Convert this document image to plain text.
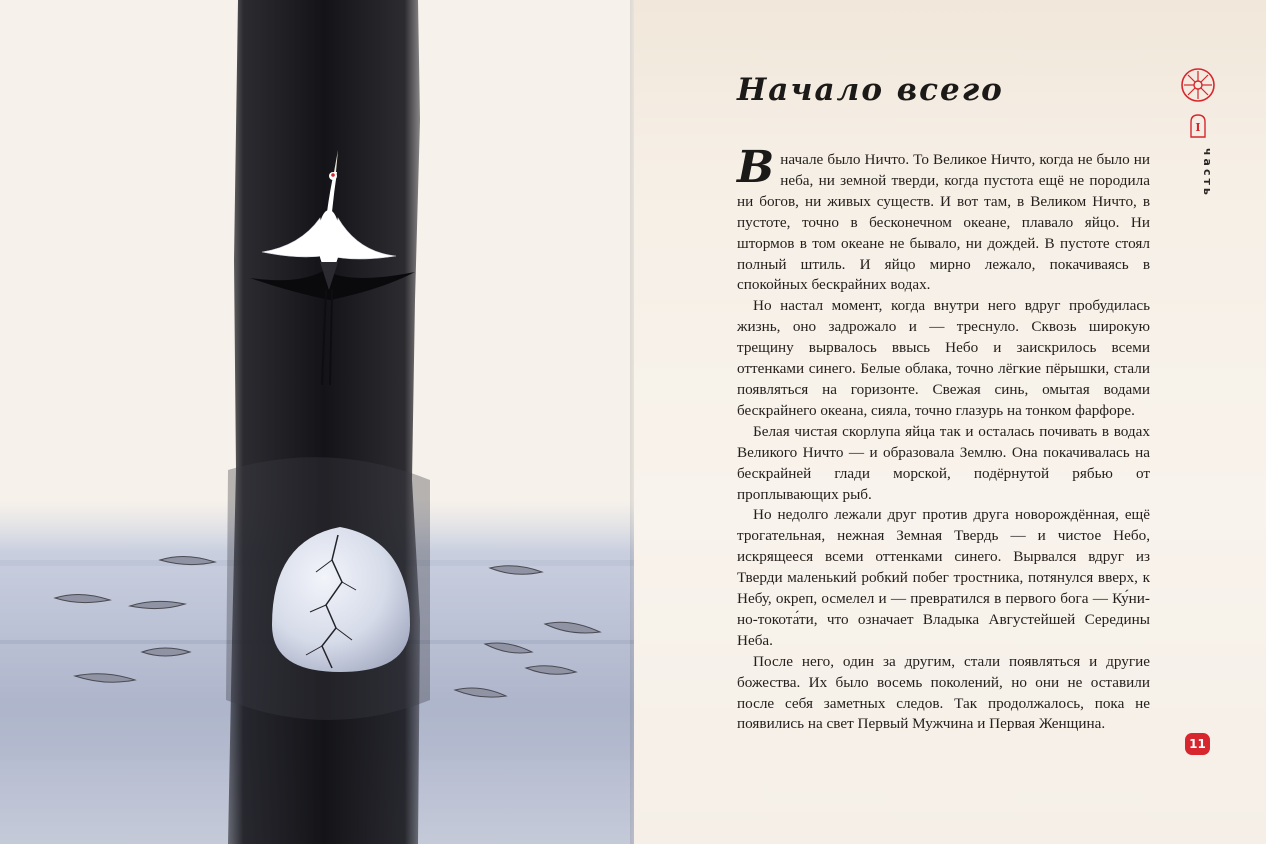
Начало всего

Вначале было Ничто. То Великое Ничто, когда не было ни неба, ни земной тверди, когда пустота ещё не породила ни богов, ни живых существ. И вот там, в Великом Ничто, в пустоте, точно в бесконечном океане, плавало яйцо. Ни штормов в том океане не бывало, ни дождей. В пустоте стоял полный штиль. И яйцо мирно лежало, покачиваясь в спокойных бескрайних водах.

Но настал момент, когда внутри него вдруг пробудилась жизнь, оно задрожало и — треснуло. Сквозь широкую трещину вырвалось ввысь Небо и заискрилось всеми оттенками синего. Белые облака, точно лёгкие пёрышки, стали появляться на горизонте. Свежая синь, омытая водами бескрайнего океана, сияла, точно глазурь на тонком фарфоре.

Белая чистая скорлупа яйца так и осталась почивать в водах Великого Ничто — и образовала Землю. Она покачивалась на бескрайней глади морской, подёрнутой рябью от проплывающих рыб.

Но недолго лежали друг против друга новорождённая, ещё трогательная, нежная Земная Твердь — и чистое Небо, искрящееся всеми оттенками синего. Вырвался вдруг из Тверди маленький робкий побег тростника, потянулся вверх, к Небу, окреп, осмелел и — превратился в первого бога — Ку́ни-но-токота́ти, что означает Владыка Августейшей Середины Неба.

После него, один за другим, стали появляться и другие божества. Их было восемь поколений, но они не оставили после себя заметных следов. Так продолжалось, пока не появились на свет Первый Мужчина и Первая Женщина.

I
часть
11
